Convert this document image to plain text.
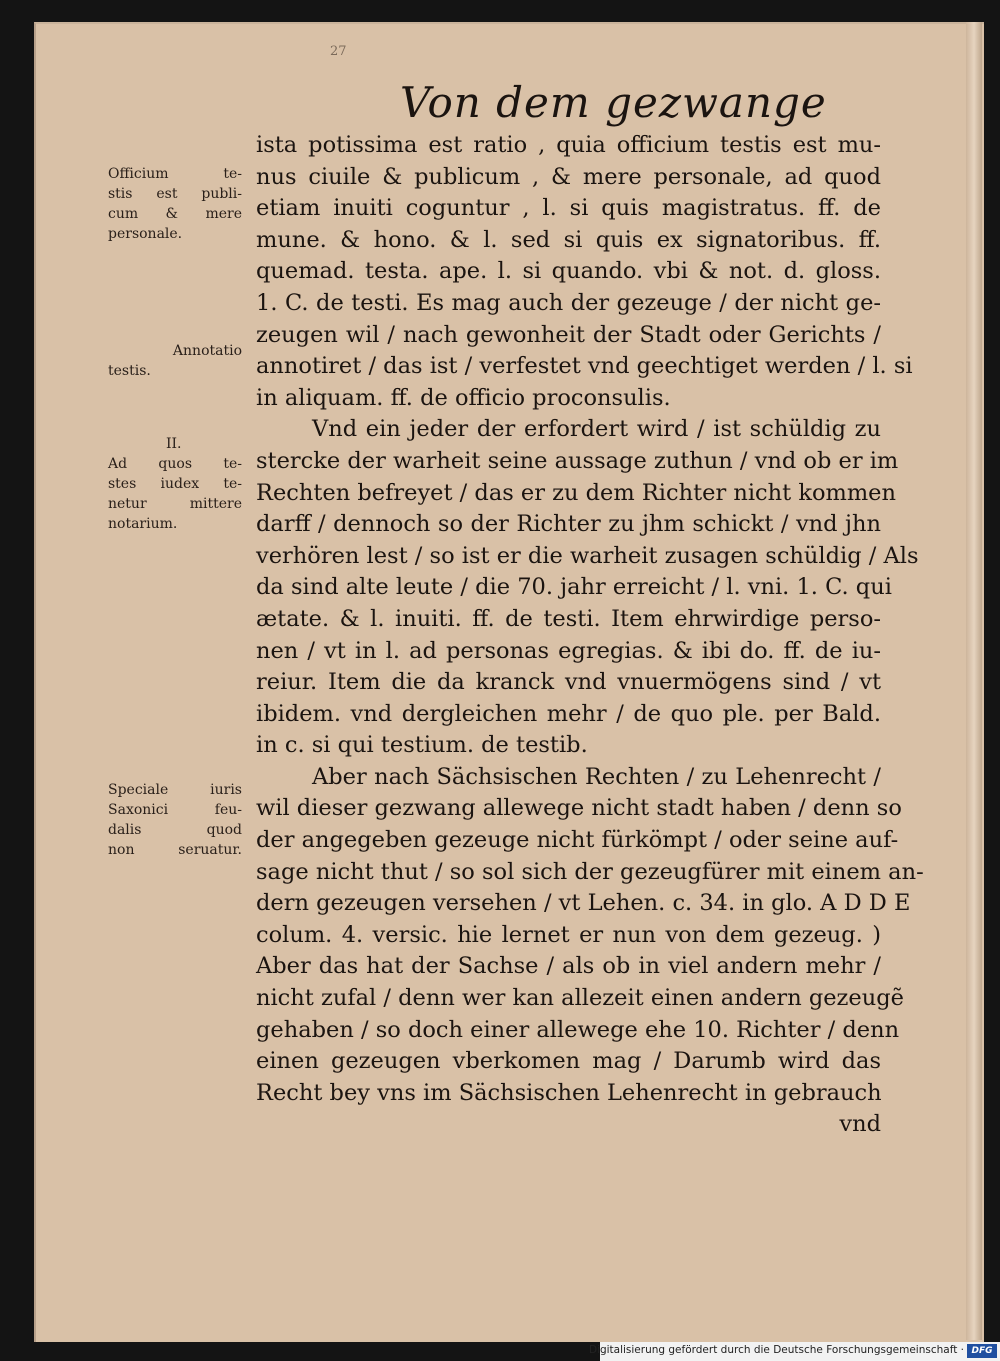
27
Von dem gezwange
Officium te-
stis est publi-
cum & mere
personale.
Annotatio
testis.
II.
Ad quos te-
stes iudex te-
netur mittere
notarium.
Speciale iuris
Saxonici feu-
dalis quod
non seruatur.
ista potissima est ratio , quia officium testis est mu-
nus ciuile & publicum , & mere personale, ad quod
etiam inuiti coguntur , l. si quis magistratus. ff. de
mune. & hono. & l. sed si quis ex signatoribus. ff.
quemad. testa. ape. l. si quando. vbi & not. d. gloss.
1. C. de testi. Es mag auch der gezeuge / der nicht ge-
zeugen wil / nach gewonheit der Stadt oder Gerichts /
annotiret / das ist / verfestet vnd geechtiget werden / l. si
in aliquam. ff. de officio proconsulis.
Vnd ein jeder der erfordert wird / ist schüldig zu
stercke der warheit seine aussage zuthun / vnd ob er im
Rechten befreyet / das er zu dem Richter nicht kommen
darff / dennoch so der Richter zu jhm schickt / vnd jhn
verhören lest / so ist er die warheit zusagen schüldig / Als
da sind alte leute / die 70. jahr erreicht / l. vni. 1. C. qui
ætate. & l. inuiti. ff. de testi. Item ehrwirdige perso-
nen / vt in l. ad personas egregias. & ibi do. ff. de iu-
reiur. Item die da kranck vnd vnuermögens sind / vt
ibidem. vnd dergleichen mehr / de quo ple. per Bald.
in c. si qui testium. de testib.
Aber nach Sächsischen Rechten / zu Lehenrecht /
wil dieser gezwang allewege nicht stadt haben / denn so
der angegeben gezeuge nicht fürkömpt / oder seine auf-
sage nicht thut / so sol sich der gezeugfürer mit einem an-
dern gezeugen versehen / vt Lehen. c. 34. in glo. A D D E
colum. 4. versic. hie lernet er nun von dem gezeug. )
Aber das hat der Sachse / als ob in viel andern mehr /
nicht zufal / denn wer kan allezeit einen andern gezeugẽ
gehaben / so doch einer allewege ehe 10. Richter / denn
einen gezeugen vberkomen mag / Darumb wird das
Recht bey vns im Sächsischen Lehenrecht in gebrauch
vnd
Digitalisierung gefördert durch die Deutsche Forschungsgemeinschaft · DFG
